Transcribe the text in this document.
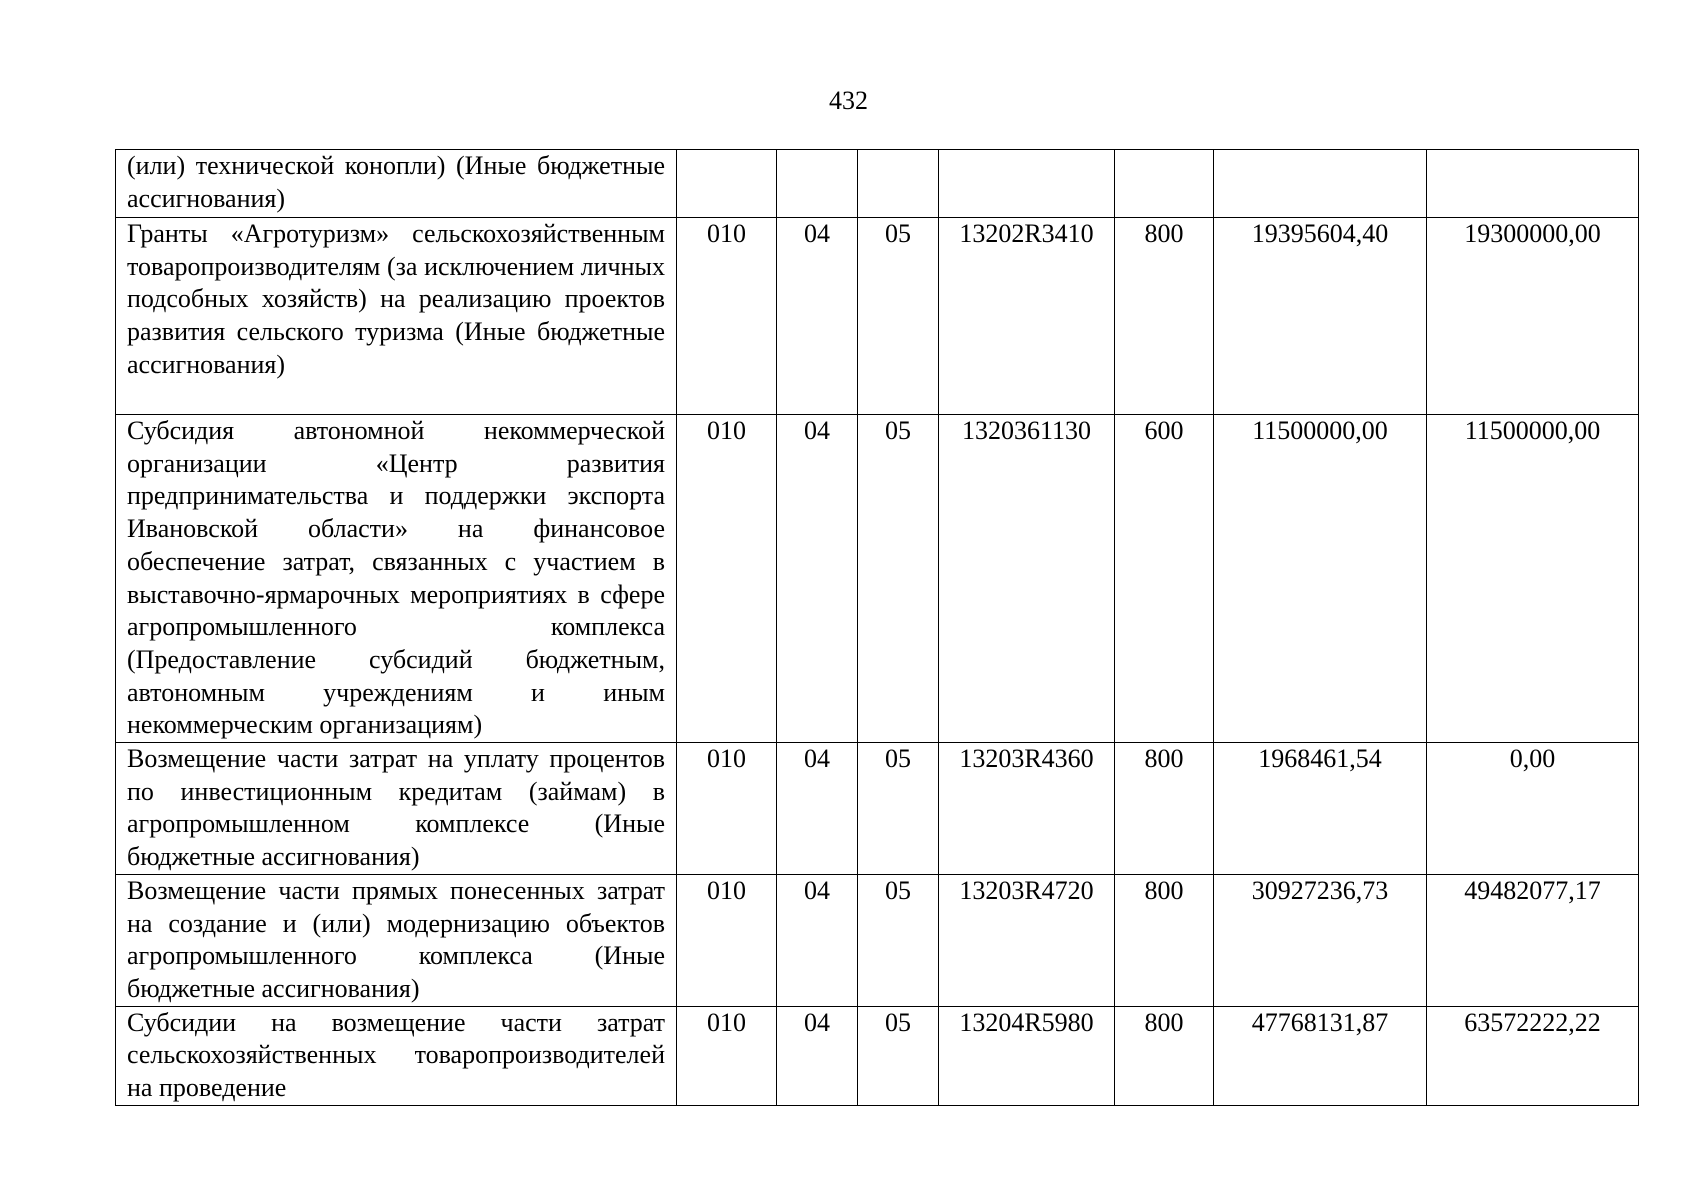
432
(или) технической конопли) (Иные бюджетные ассигнования)							
Гранты «Агротуризм» сельскохозяйственным товаропроизводителям (за исключением личных подсобных хозяйств) на реализацию проектов развития сельского туризма (Иные бюджетные ассигнования)	010	04	05	13202R3410	800	19395604,40	19300000,00
Субсидия автономной некоммерческой организации «Центр развития предпринимательства и поддержки экспорта Ивановской области» на финансовое обеспечение затрат, связанных с участием в выставочно-ярмарочных мероприятиях в сфере агропромышленного комплекса (Предоставление субсидий бюджетным, автономным учреждениям и иным некоммерческим организациям)	010	04	05	1320361130	600	11500000,00	11500000,00
Возмещение части затрат на уплату процентов по инвестиционным кредитам (займам) в агропромышленном комплексе (Иные бюджетные ассигнования)	010	04	05	13203R4360	800	1968461,54	0,00
Возмещение части прямых понесенных затрат на создание и (или) модернизацию объектов агропромышленного комплекса (Иные бюджетные ассигнования)	010	04	05	13203R4720	800	30927236,73	49482077,17
Субсидии на возмещение части затрат сельскохозяйственных товаропроизводителей на проведение	010	04	05	13204R5980	800	47768131,87	63572222,22
